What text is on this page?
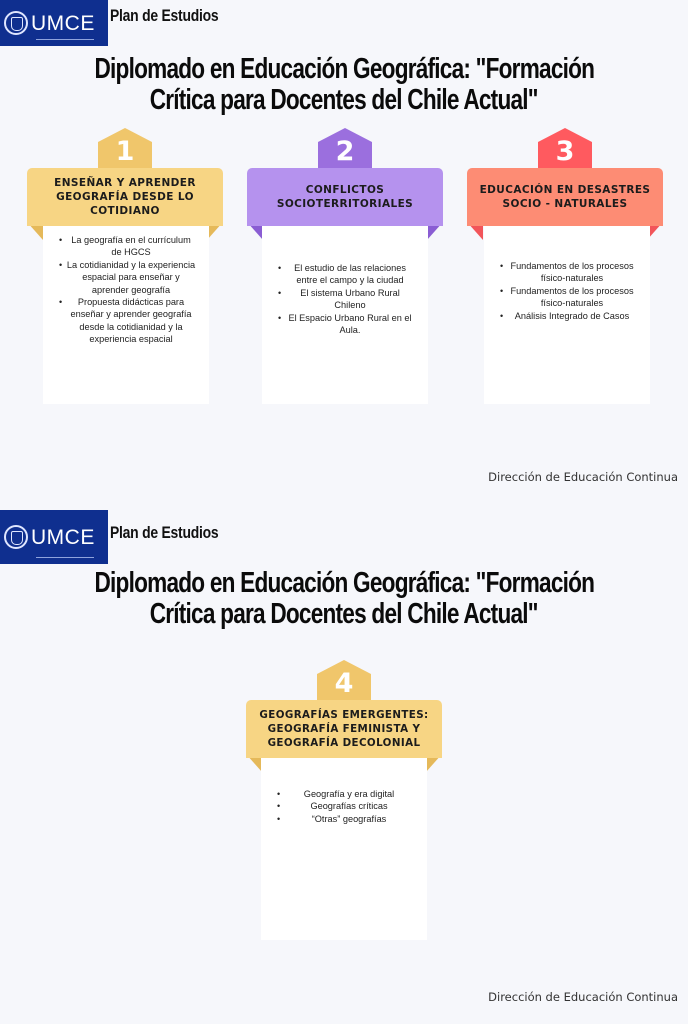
UMCE Plan de Estudios
Diplomado en Educación Geográfica: "Formación
Crítica para Docentes del Chile Actual"
1
ENSEÑAR Y APRENDER GEOGRAFÍA DESDE LO COTIDIANO
• La geografía en el currículum de HGCS
• La cotidianidad y la experiencia espacial para enseñar y aprender geografía
• Propuesta didácticas para enseñar y aprender geografía desde la cotidianidad y la experiencia espacial
2
CONFLICTOS SOCIOTERRITORIALES
• El estudio de las relaciones entre el campo y la ciudad
• El sistema Urbano Rural Chileno
• El Espacio Urbano Rural en el Aula.
3
EDUCACIÓN EN DESASTRES SOCIO - NATURALES
• Fundamentos de los procesos físico-naturales
• Fundamentos de los procesos físico-naturales
• Análisis Integrado de Casos
Dirección de Educación Continua
UMCE Plan de Estudios
Diplomado en Educación Geográfica: "Formación
Crítica para Docentes del Chile Actual"
4
GEOGRAFÍAS EMERGENTES: GEOGRAFÍA FEMINISTA Y GEOGRAFÍA DECOLONIAL
• Geografía y era digital
• Geografías críticas
• “Otras” geografías
Dirección de Educación Continua
